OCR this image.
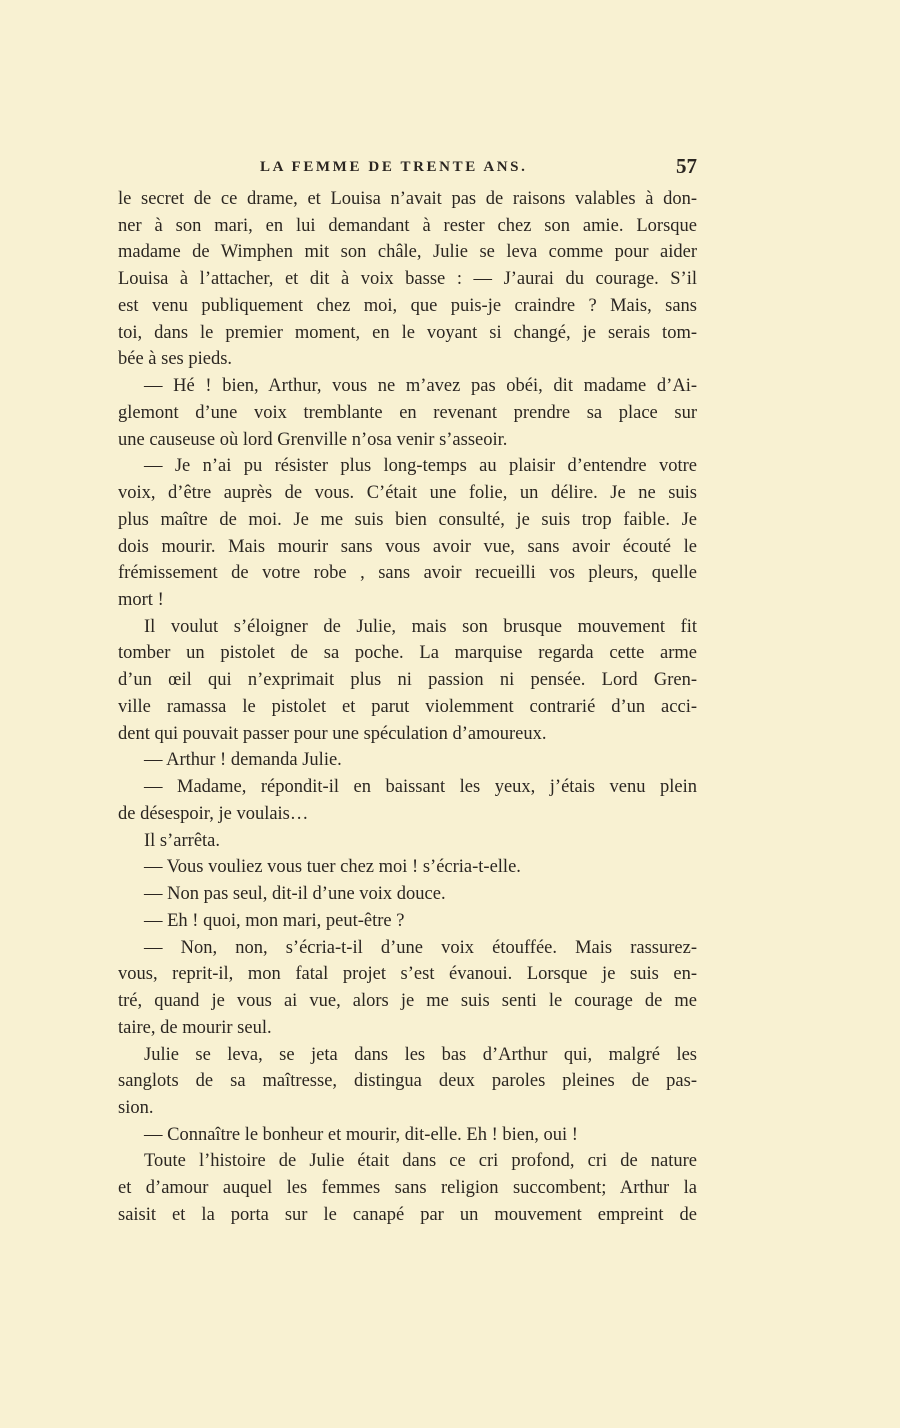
LA FEMME DE TRENTE ANS.	57
le secret de ce drame, et Louisa n’avait pas de raisons valables à don-
ner à son mari, en lui demandant à rester chez son amie. Lorsque
madame de Wimphen mit son châle, Julie se leva comme pour aider
Louisa à l’attacher, et dit à voix basse : — J’aurai du courage. S’il
est venu publiquement chez moi, que puis-je craindre ? Mais, sans
toi, dans le premier moment, en le voyant si changé, je serais tom-
bée à ses pieds.
— Hé ! bien, Arthur, vous ne m’avez pas obéi, dit madame d’Ai-
glemont d’une voix tremblante en revenant prendre sa place sur
une causeuse où lord Grenville n’osa venir s’asseoir.
— Je n’ai pu résister plus long-temps au plaisir d’entendre votre
voix, d’être auprès de vous. C’était une folie, un délire. Je ne suis
plus maître de moi. Je me suis bien consulté, je suis trop faible. Je
dois mourir. Mais mourir sans vous avoir vue, sans avoir écouté le
frémissement de votre robe , sans avoir recueilli vos pleurs, quelle
mort !
Il voulut s’éloigner de Julie, mais son brusque mouvement fit
tomber un pistolet de sa poche. La marquise regarda cette arme
d’un œil qui n’exprimait plus ni passion ni pensée. Lord Gren-
ville ramassa le pistolet et parut violemment contrarié d’un acci-
dent qui pouvait passer pour une spéculation d’amoureux.
— Arthur ! demanda Julie.
— Madame, répondit-il en baissant les yeux, j’étais venu plein
de désespoir, je voulais…
Il s’arrêta.
— Vous vouliez vous tuer chez moi ! s’écria-t-elle.
— Non pas seul, dit-il d’une voix douce.
— Eh ! quoi, mon mari, peut-être ?
— Non, non, s’écria-t-il d’une voix étouffée. Mais rassurez-
vous, reprit-il, mon fatal projet s’est évanoui. Lorsque je suis en-
tré, quand je vous ai vue, alors je me suis senti le courage de me
taire, de mourir seul.
Julie se leva, se jeta dans les bas d’Arthur qui, malgré les
sanglots de sa maîtresse, distingua deux paroles pleines de pas-
sion.
— Connaître le bonheur et mourir, dit-elle. Eh ! bien, oui !
Toute l’histoire de Julie était dans ce cri profond, cri de nature
et d’amour auquel les femmes sans religion succombent; Arthur la
saisit et la porta sur le canapé par un mouvement empreint de
